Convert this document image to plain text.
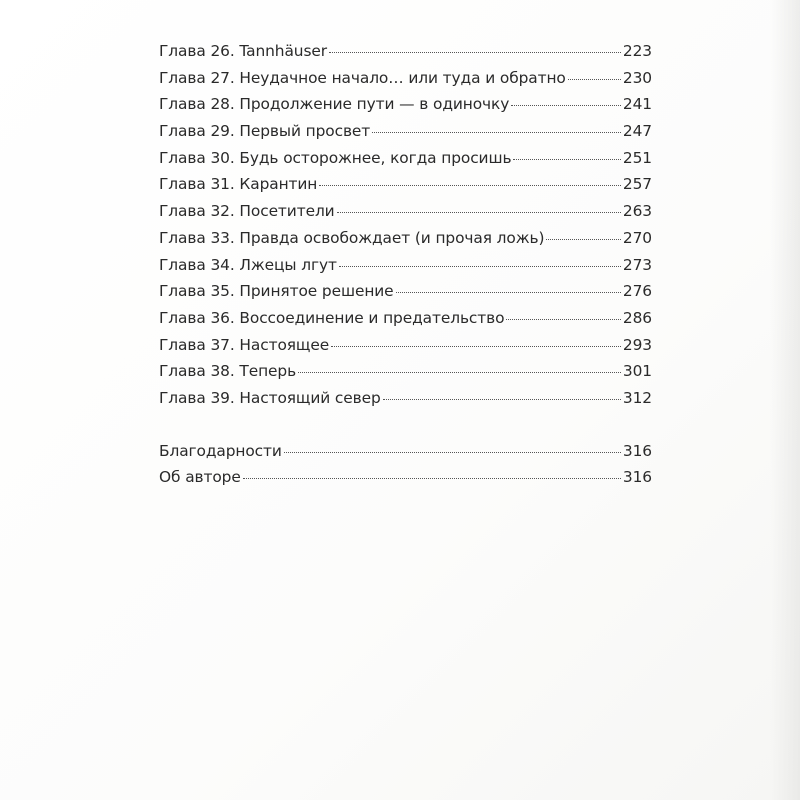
Глава 26. Tannhäuser	223
Глава 27. Неудачное начало… или туда и обратно	230
Глава 28. Продолжение пути — в одиночку	241
Глава 29. Первый просвет	247
Глава 30. Будь осторожнее, когда просишь	251
Глава 31. Карантин	257
Глава 32. Посетители	263
Глава 33. Правда освобождает (и прочая ложь)	270
Глава 34. Лжецы лгут	273
Глава 35. Принятое решение	276
Глава 36. Воссоединение и предательство	286
Глава 37. Настоящее	293
Глава 38. Теперь	301
Глава 39. Настоящий север	312
Благодарности	316
Об авторе	316
